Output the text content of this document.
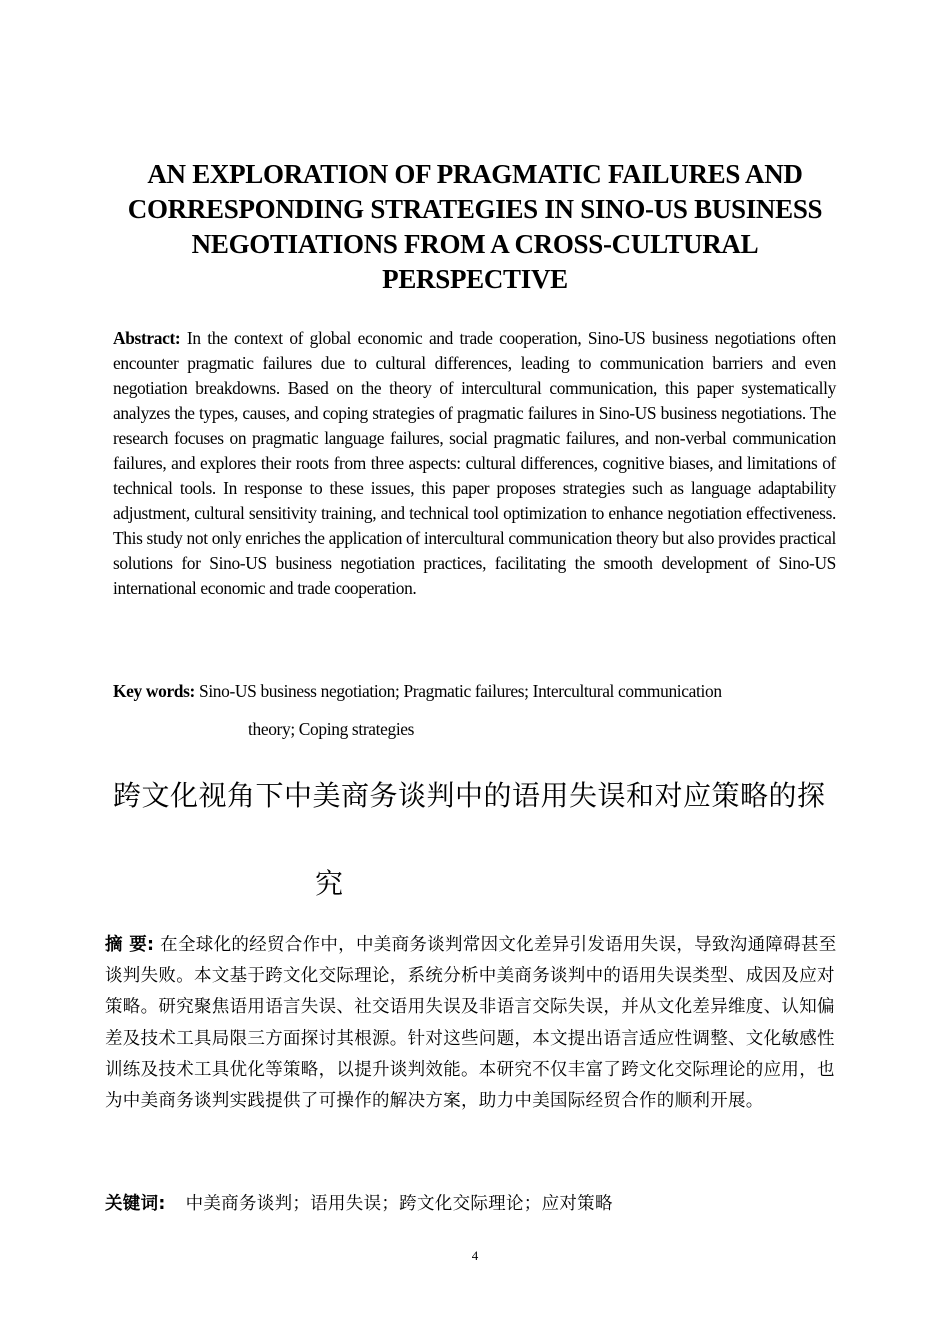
AN EXPLORATION OF PRAGMATIC FAILURES AND CORRESPONDING STRATEGIES IN SINO-US BUSINESS NEGOTIATIONS FROM A CROSS-CULTURAL PERSPECTIVE
Abstract: In the context of global economic and trade cooperation, Sino-US business negotiations often encounter pragmatic failures due to cultural differences, leading to communication barriers and even negotiation breakdowns. Based on the theory of intercultural communication, this paper systematically analyzes the types, causes, and coping strategies of pragmatic failures in Sino-US business negotiations. The research focuses on pragmatic language failures, social pragmatic failures, and non-verbal communication failures, and explores their roots from three aspects: cultural differences, cognitive biases, and limitations of technical tools. In response to these issues, this paper proposes strategies such as language adaptability adjustment, cultural sensitivity training, and technical tool optimization to enhance negotiation effectiveness. This study not only enriches the application of intercultural communication theory but also provides practical solutions for Sino-US business negotiation practices, facilitating the smooth development of Sino-US international economic and trade cooperation.
Key words: Sino-US business negotiation; Pragmatic failures; Intercultural communication
theory; Coping strategies
跨文化视角下中美商务谈判中的语用失误和对应策略的探
究
摘 要: 在全球化的经贸合作中，中美商务谈判常因文化差异引发语用失误，导致沟通障碍甚至谈判失败。本文基于跨文化交际理论，系统分析中美商务谈判中的语用失误类型、成因及应对策略。研究聚焦语用语言失误、社交语用失误及非语言交际失误，并从文化差异维度、认知偏差及技术工具局限三方面探讨其根源。针对这些问题，本文提出语言适应性调整、文化敏感性训练及技术工具优化等策略，以提升谈判效能。本研究不仅丰富了跨文化交际理论的应用，也为中美商务谈判实践提供了可操作的解决方案，助力中美国际经贸合作的顺利开展。
关键词: 中美商务谈判；语用失误；跨文化交际理论；应对策略
4
